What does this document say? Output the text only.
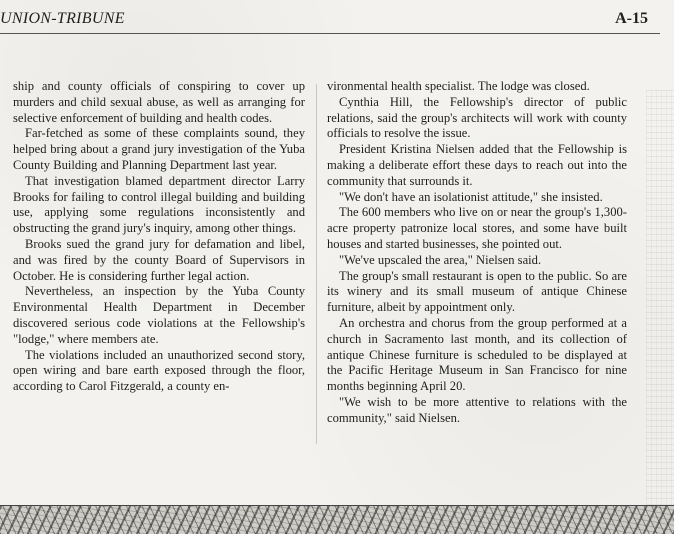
UNION-TRIBUNE	A-15

ship and county officials of conspiring to cover up murders and child sexual abuse, as well as arranging for selective enforcement of building and health codes.

Far-fetched as some of these complaints sound, they helped bring about a grand jury investigation of the Yuba County Building and Planning Department last year.

That investigation blamed department director Larry Brooks for failing to control illegal building and building use, applying some regulations inconsistently and obstructing the grand jury's inquiry, among other things.

Brooks sued the grand jury for defamation and libel, and was fired by the county Board of Supervisors in October. He is considering further legal action.

Nevertheless, an inspection by the Yuba County Environmental Health Department in December discovered serious code violations at the Fellowship's "lodge," where members ate.

The violations included an unauthorized second story, open wiring and bare earth exposed through the floor, according to Carol Fitzgerald, a county en-

vironmental health specialist. The lodge was closed.

Cynthia Hill, the Fellowship's director of public relations, said the group's architects will work with county officials to resolve the issue.

President Kristina Nielsen added that the Fellowship is making a deliberate effort these days to reach out into the community that surrounds it.

"We don't have an isolationist attitude," she insisted.

The 600 members who live on or near the group's 1,300-acre property patronize local stores, and some have built houses and started businesses, she pointed out.

"We've upscaled the area," Nielsen said.

The group's small restaurant is open to the public. So are its winery and its small museum of antique Chinese furniture, albeit by appointment only.

An orchestra and chorus from the group performed at a church in Sacramento last month, and its collection of antique Chinese furniture is scheduled to be displayed at the Pacific Heritage Museum in San Francisco for nine months beginning April 20.

"We wish to be more attentive to relations with the community," said Nielsen.
